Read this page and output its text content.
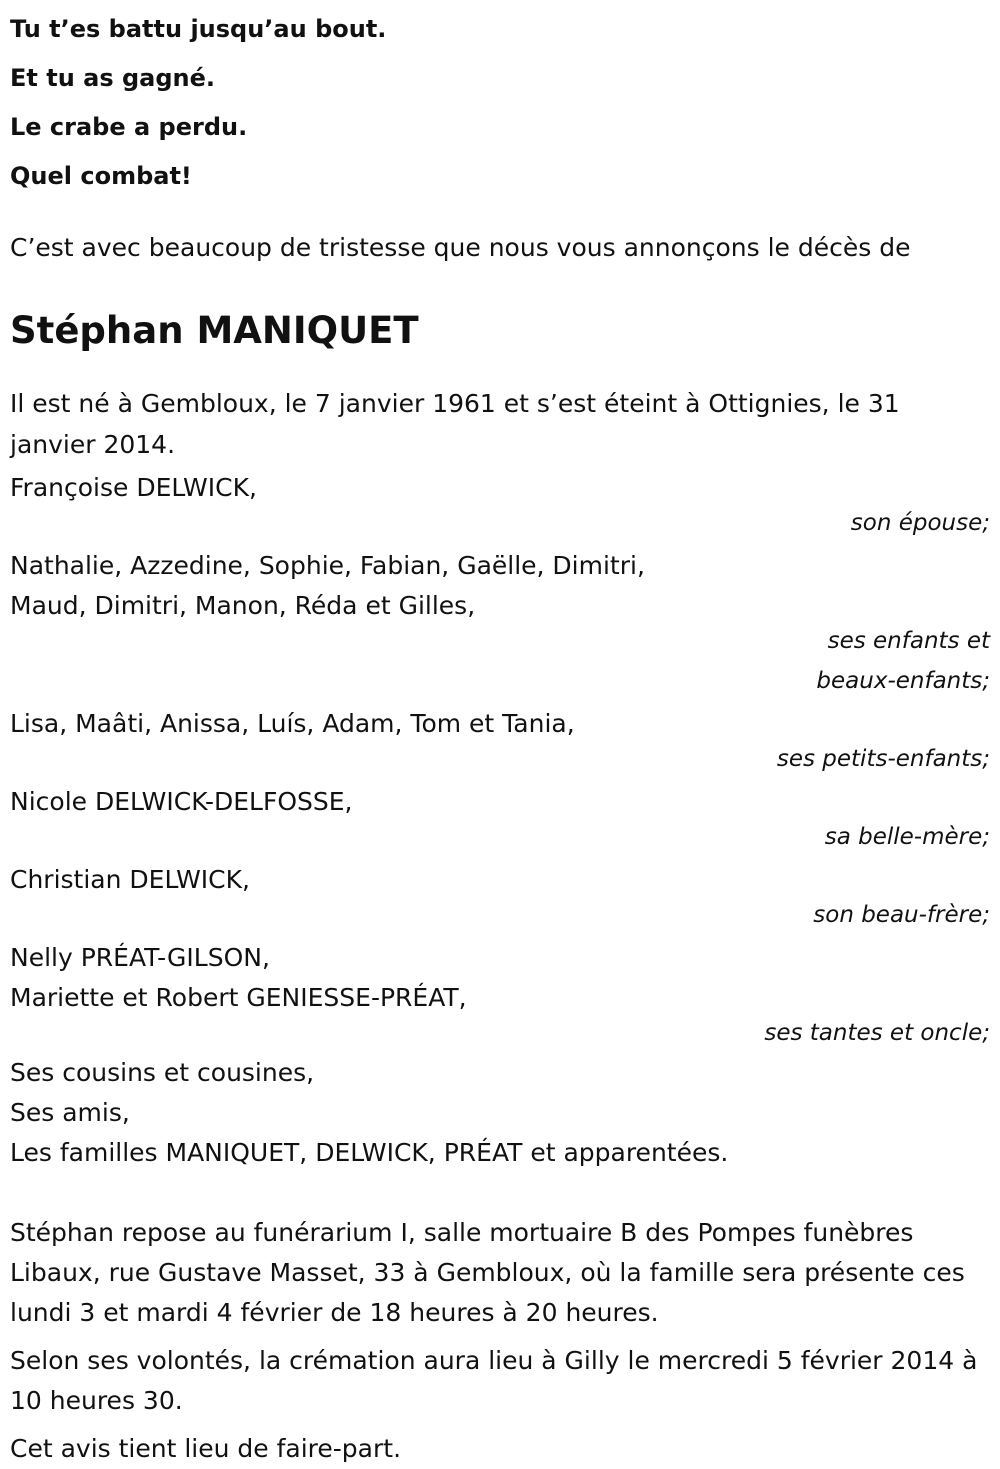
Tu t’es battu jusqu’au bout.
Et tu as gagné.
Le crabe a perdu.
Quel combat!
C’est avec beaucoup de tristesse que nous vous annonçons le décès de
Stéphan MANIQUET
Il est né à Gembloux, le 7 janvier 1961 et s’est éteint à Ottignies, le 31 janvier 2014.
Françoise DELWICK,
son épouse;
Nathalie, Azzedine, Sophie, Fabian, Gaëlle, Dimitri,
Maud, Dimitri, Manon, Réda et Gilles,
ses enfants et
beaux-enfants;
Lisa, Maâti, Anissa, Luís, Adam, Tom et Tania,
ses petits-enfants;
Nicole DELWICK-DELFOSSE,
sa belle-mère;
Christian DELWICK,
son beau-frère;
Nelly PRÉAT-GILSON,
Mariette et Robert GENIESSE-PRÉAT,
ses tantes et oncle;
Ses cousins et cousines,
Ses amis,
Les familles MANIQUET, DELWICK, PRÉAT et apparentées.
Stéphan repose au funérarium I, salle mortuaire B des Pompes funèbres Libaux, rue Gustave Masset, 33 à Gembloux, où la famille sera présente ces lundi 3 et mardi 4 février de 18 heures à 20 heures.
Selon ses volontés, la crémation aura lieu à Gilly le mercredi 5 février 2014 à 10 heures 30.
Cet avis tient lieu de faire-part.
